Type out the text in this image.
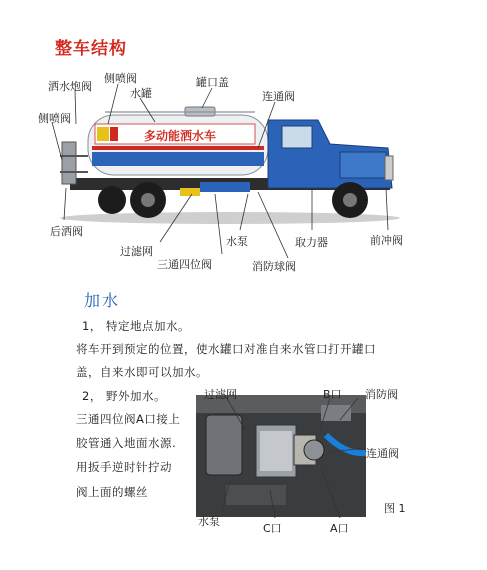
整车结构
多动能洒水车
洒水炮阀
侧喷阀
水罐
罐口盖
连通阀
侧喷阀
后洒阀
过滤网
三通四位阀
水泵
消防球阀
取力器	前冲阀
加水
1， 特定地点加水。
将车开到预定的位置，使水罐口对准自来水管口打开罐口
盖，自来水即可以加水。
2， 野外加水。
三通四位阀A口接上
胶管通入地面水源.
用扳手逆时针拧动
阀上面的螺丝
过滤网	B口 消防阀
连通阀
水泵
C口	A口
图 1
